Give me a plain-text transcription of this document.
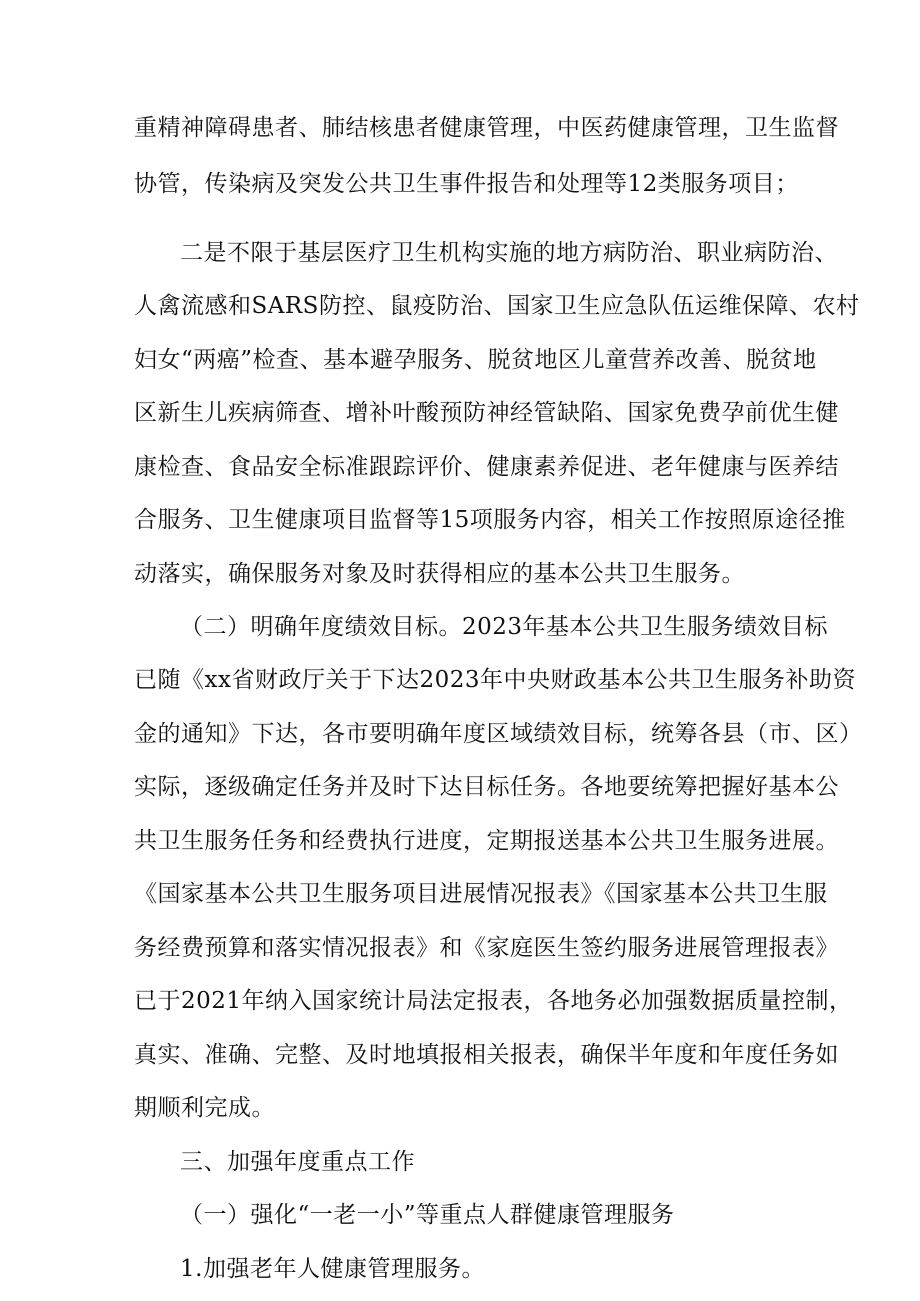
重精神障碍患者、肺结核患者健康管理，中医药健康管理，卫生监督
协管，传染病及突发公共卫生事件报告和处理等12类服务项目；
二是不限于基层医疗卫生机构实施的地方病防治、职业病防治、
人禽流感和SARS防控、鼠疫防治、国家卫生应急队伍运维保障、农村
妇女“两癌”检查、基本避孕服务、脱贫地区儿童营养改善、脱贫地
区新生儿疾病筛查、增补叶酸预防神经管缺陷、国家免费孕前优生健
康检查、食品安全标准跟踪评价、健康素养促进、老年健康与医养结
合服务、卫生健康项目监督等15项服务内容，相关工作按照原途径推
动落实，确保服务对象及时获得相应的基本公共卫生服务。
（二）明确年度绩效目标。2023年基本公共卫生服务绩效目标
已随《xx省财政厅关于下达2023年中央财政基本公共卫生服务补助资
金的通知》下达，各市要明确年度区域绩效目标，统筹各县（市、区）
实际，逐级确定任务并及时下达目标任务。各地要统筹把握好基本公
共卫生服务任务和经费执行进度，定期报送基本公共卫生服务进展。
《国家基本公共卫生服务项目进展情况报表》《国家基本公共卫生服
务经费预算和落实情况报表》和《家庭医生签约服务进展管理报表》
已于2021年纳入国家统计局法定报表，各地务必加强数据质量控制，
真实、准确、完整、及时地填报相关报表，确保半年度和年度任务如
期顺利完成。
三、加强年度重点工作
（一）强化“一老一小”等重点人群健康管理服务
1.加强老年人健康管理服务。
